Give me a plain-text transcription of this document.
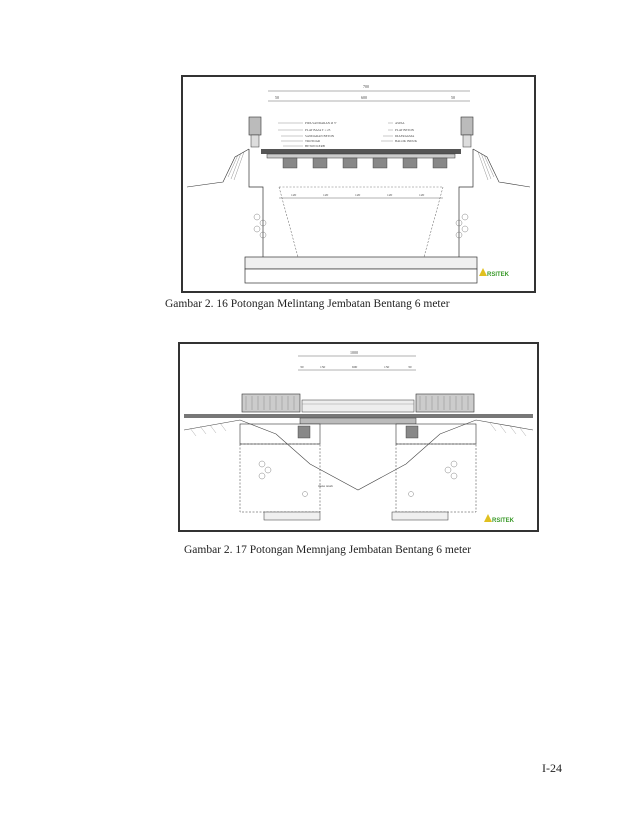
700
50	600	50
PIPA SANDARAN Ø 3"
PLAT BAJA T = 25
SANDARAN BETON
TROTOAR
BETON KERB
ASPAL
PLAT BETON
DIAFRAGMA
BALOK INDUK
120	120	120	120	120
RSITEK
Gambar 2. 16 Potongan Melintang Jembatan Bentang 6 meter
1000
30	150	600	150	30
muka tanah
RSITEK
Gambar 2. 17 Potongan Memnjang Jembatan Bentang 6 meter
I-24
